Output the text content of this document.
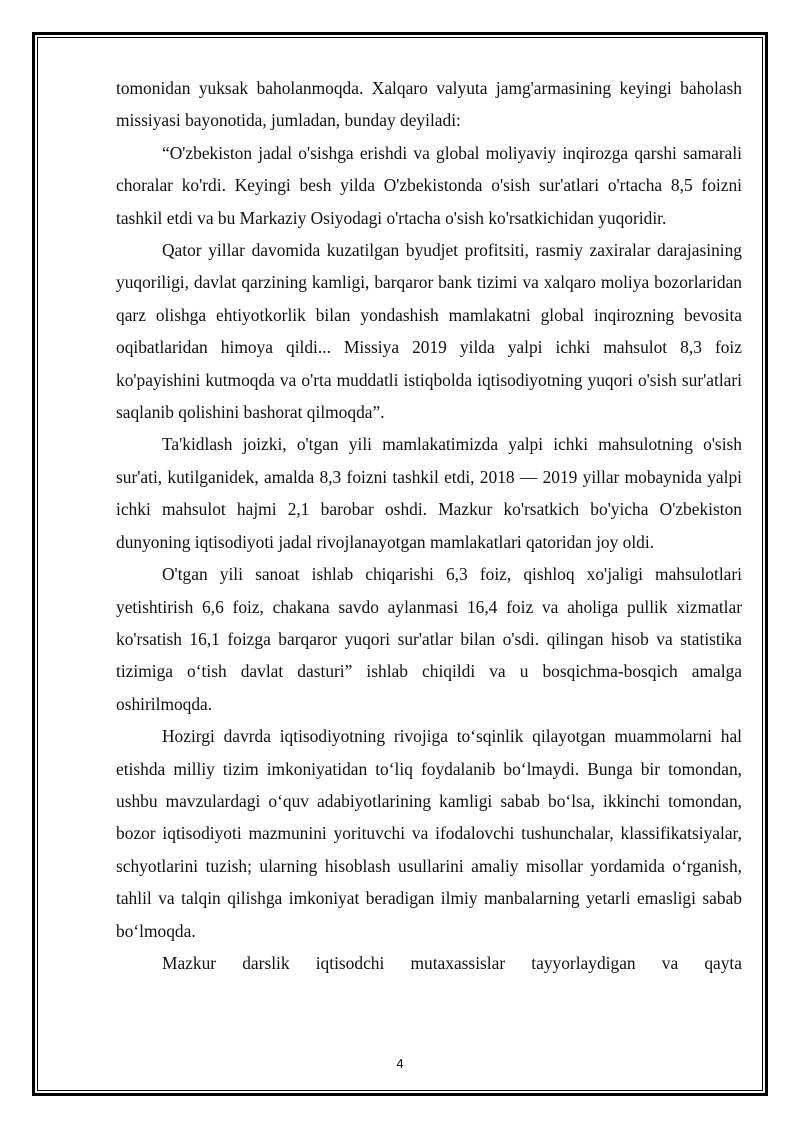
tomonidan yuksak baholanmoqda. Xalqaro valyuta jamg'armasining keyingi baholash missiyasi bayonotida, jumladan, bunday deyiladi:

“O'zbekiston jadal o'sishga erishdi va global moliyaviy inqirozga qarshi samarali choralar ko'rdi. Keyingi besh yilda O'zbekistonda o'sish sur'atlari o'rtacha 8,5 foizni tashkil etdi va bu Markaziy Osiyodagi o'rtacha o'sish ko'rsatkichidan yuqoridir.

Qator yillar davomida kuzatilgan byudjet profitsiti, rasmiy zaxiralar darajasining yuqoriligi, davlat qarzining kamligi, barqaror bank tizimi va xalqaro moliya bozorlaridan qarz olishga ehtiyotkorlik bilan yondashish mamlakatni global inqirozning bevosita oqibatlaridan himoya qildi... Missiya 2019 yilda yalpi ichki mahsulot 8,3 foiz ko'payishini kutmoqda va o'rta muddatli istiqbolda iqtisodiyotning yuqori o'sish sur'atlari saqlanib qolishini bashorat qilmoqda”.

Ta'kidlash joizki, o'tgan yili mamlakatimizda yalpi ichki mahsulotning o'sish sur'ati, kutilganidek, amalda 8,3 foizni tashkil etdi, 2018 — 2019 yillar mobaynida yalpi ichki mahsulot hajmi 2,1 barobar oshdi. Mazkur ko'rsatkich bo'yicha O'zbekiston dunyoning iqtisodiyoti jadal rivojlanayotgan mamlakatlari qatoridan joy oldi.

O'tgan yili sanoat ishlab chiqarishi 6,3 foiz, qishloq xo'jaligi mahsulotlari yetishtirish 6,6 foiz, chakana savdo aylanmasi 16,4 foiz va aholiga pullik xizmatlar ko'rsatish 16,1 foizga barqaror yuqori sur'atlar bilan o'sdi. qilingan hisob va statistika tizimiga o‘tish davlat dasturi” ishlab chiqildi va u bosqichma-bosqich amalga oshirilmoqda.

Hozirgi davrda iqtisodiyotning rivojiga to‘sqinlik qilayotgan muammolarni hal etishda milliy tizim imkoniyatidan to‘liq foydalanib bo‘lmaydi. Bunga bir tomondan, ushbu mavzulardagi o‘quv adabiyotlarining kamligi sabab bo‘lsa, ikkinchi tomondan, bozor iqtisodiyoti mazmunini yorituvchi va ifodalovchi tushunchalar, klassifikatsiyalar, schyotlarini tuzish; ularning hisoblash usullarini amaliy misollar yordamida o‘rganish, tahlil va talqin qilishga imkoniyat beradigan ilmiy manbalarning yetarli emasligi sabab bo‘lmoqda.

Mazkur darslik iqtisodchi mutaxassislar tayyorlaydigan va qayta

4
